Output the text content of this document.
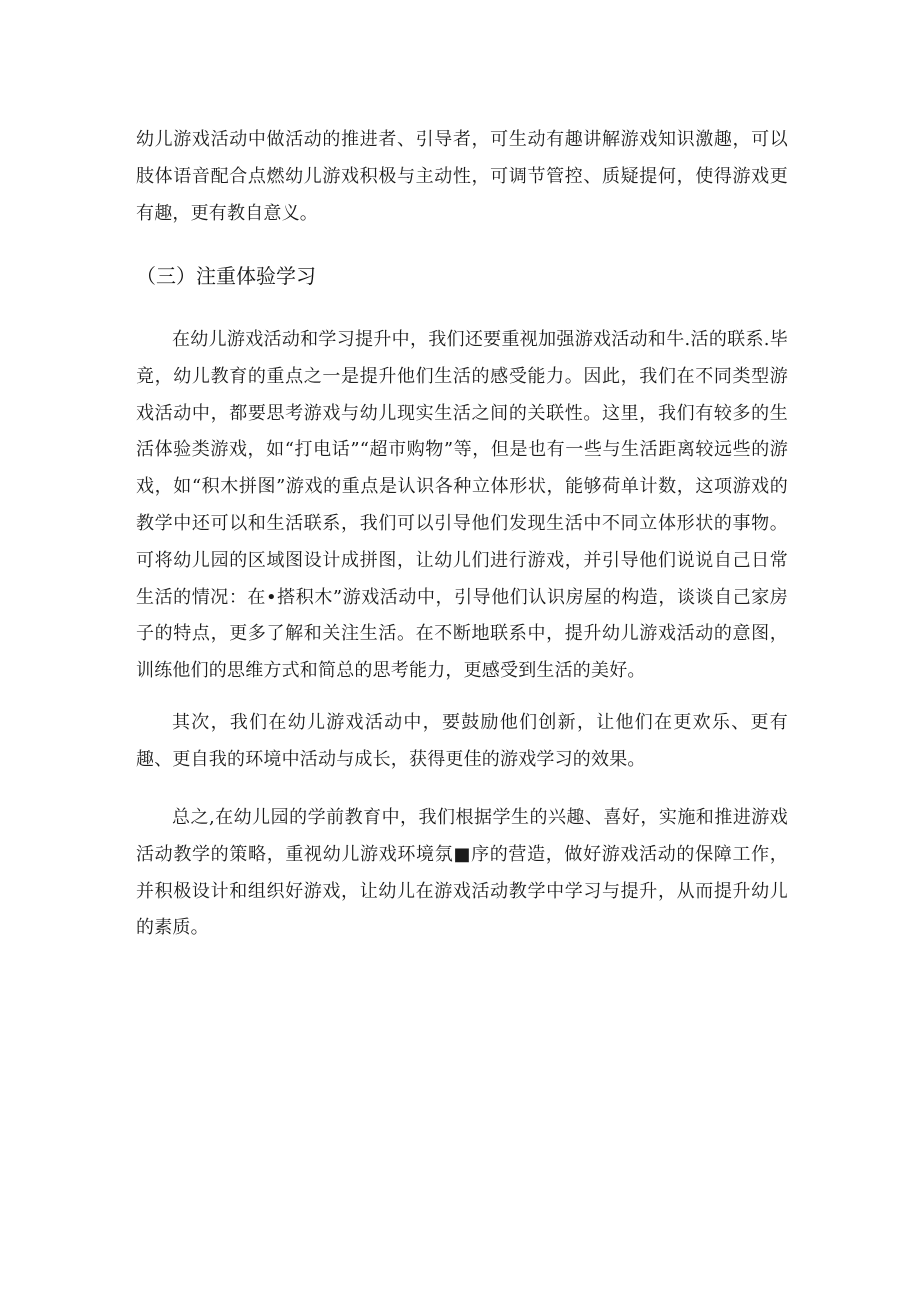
幼儿游戏活动中做活动的推进者、引导者，可生动有趣讲解游戏知识激趣，可以肢体语音配合点燃幼儿游戏积极与主动性，可调节管控、质疑提何，使得游戏更有趣，更有教自意义。

（三）注重体验学习

在幼儿游戏活动和学习提升中，我们还要重视加强游戏活动和牛.活的联系.毕竟，幼儿教育的重点之一是提升他们生活的感受能力。因此，我们在不同类型游戏活动中，都要思考游戏与幼儿现实生活之间的关联性。这里，我们有较多的生活体验类游戏，如“打电话”“超市购物”等，但是也有一些与生活距离较远些的游戏，如“积木拼图”游戏的重点是认识各种立体形状，能够荷单计数，这项游戏的教学中还可以和生活联系，我们可以引导他们发现生活中不同立体形状的事物。可将幼儿园的区域图设计成拼图，让幼儿们进行游戏，并引导他们说说自己日常生活的情况：在•搭积木”游戏活动中，引导他们认识房屋的构造，谈谈自己家房子的特点，更多了解和关注生活。在不断地联系中，提升幼儿游戏活动的意图，训练他们的思维方式和简总的思考能力，更感受到生活的美好。

其次，我们在幼儿游戏活动中，要鼓励他们创新，让他们在更欢乐、更有趣、更自我的环境中活动与成长，获得更佳的游戏学习的效果。

总之,在幼儿园的学前教育中，我们根据学生的兴趣、喜好，实施和推进游戏活动教学的策略，重视幼儿游戏环境氛■序的营造，做好游戏活动的保障工作，并积极设计和组织好游戏，让幼儿在游戏活动教学中学习与提升，从而提升幼儿的素质。
